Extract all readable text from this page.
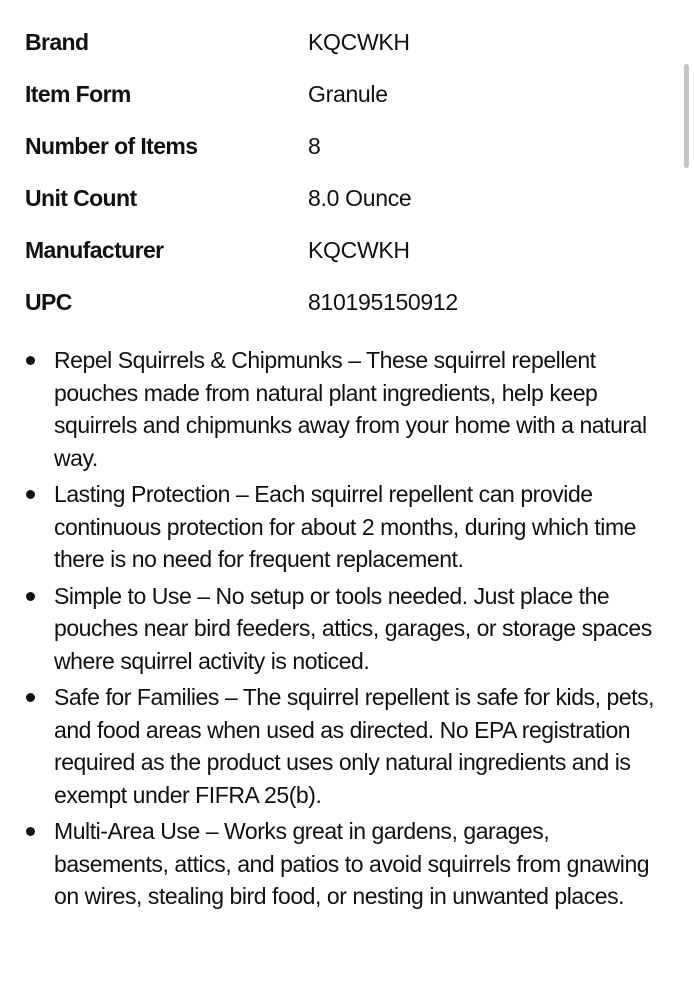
Brand	KQCWKH
Item Form	Granule
Number of Items	8
Unit Count	8.0 Ounce
Manufacturer	KQCWKH
UPC	810195150912
Repel Squirrels & Chipmunks – These squirrel repellent pouches made from natural plant ingredients, help keep squirrels and chipmunks away from your home with a natural way.
Lasting Protection – Each squirrel repellent can provide continuous protection for about 2 months, during which time there is no need for frequent replacement.
Simple to Use – No setup or tools needed. Just place the pouches near bird feeders, attics, garages, or storage spaces where squirrel activity is noticed.
Safe for Families – The squirrel repellent is safe for kids, pets, and food areas when used as directed. No EPA registration required as the product uses only natural ingredients and is exempt under FIFRA 25(b).
Multi-Area Use – Works great in gardens, garages, basements, attics, and patios to avoid squirrels from gnawing on wires, stealing bird food, or nesting in unwanted places.
